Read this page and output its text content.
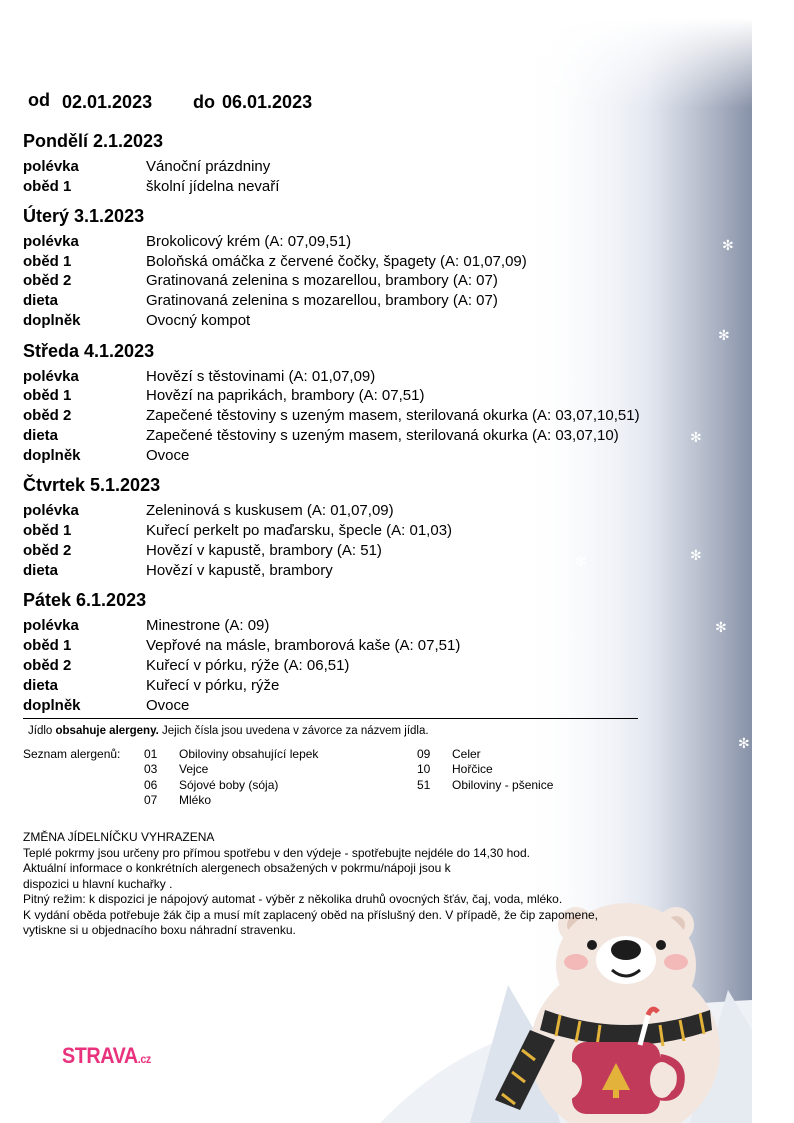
✻
✻
✻
✻
✻
✻
✻
od 02.01.2023 do 06.01.2023
Pondělí 2.1.2023
polévka	Vánoční prázdniny
oběd 1	školní jídelna nevaří
Úterý 3.1.2023
polévka	Brokolicový krém (A: 07,09,51)
oběd 1	Boloňská omáčka z červené čočky, špagety (A: 01,07,09)
oběd 2	Gratinovaná zelenina s mozarellou, brambory (A: 07)
dieta	Gratinovaná zelenina s mozarellou, brambory (A: 07)
doplněk	Ovocný kompot
Středa 4.1.2023
polévka	Hovězí s těstovinami (A: 01,07,09)
oběd 1	Hovězí na paprikách, brambory (A: 07,51)
oběd 2	Zapečené těstoviny s uzeným masem, sterilovaná okurka (A: 03,07,10,51)
dieta	Zapečené těstoviny s uzeným masem, sterilovaná okurka (A: 03,07,10)
doplněk	Ovoce
Čtvrtek 5.1.2023
polévka	Zeleninová s kuskusem (A: 01,07,09)
oběd 1	Kuřecí perkelt po maďarsku, špecle (A: 01,03)
oběd 2	Hovězí v kapustě, brambory (A: 51)
dieta	Hovězí v kapustě, brambory
Pátek 6.1.2023
polévka	Minestrone (A: 09)
oběd 1	Vepřové na másle, bramborová kaše (A: 07,51)
oběd 2	Kuřecí v pórku, rýže (A: 06,51)
dieta	Kuřecí v pórku, rýže
doplněk	Ovoce
Jídlo obsahuje alergeny. Jejich čísla jsou uvedena v závorce za názvem jídla.
Seznam alergenů: 01 Obiloviny obsahující lepek
03 Vejce
06 Sójové boby (sója)
07 Mléko
09 Celer
10 Hořčice
51 Obiloviny - pšenice
ZMĚNA JÍDELNÍČKU VYHRAZENA
Teplé pokrmy jsou určeny pro přímou spotřebu v den výdeje - spotřebujte nejdéle do 14,30 hod.
Aktuální informace o konkrétních alergenech obsažených v pokrmu/nápoji jsou k dispozici u hlavní kuchařky .
Pitný režim: k dispozici je nápojový automat - výběr z několika druhů ovocných šťáv, čaj, voda, mléko.
K vydání oběda potřebuje žák čip a musí mít zaplacený oběd na příslušný den. V případě, že čip zapomene, vytiskne si u objednacího boxu náhradní stravenku.
STRAVA.cz
